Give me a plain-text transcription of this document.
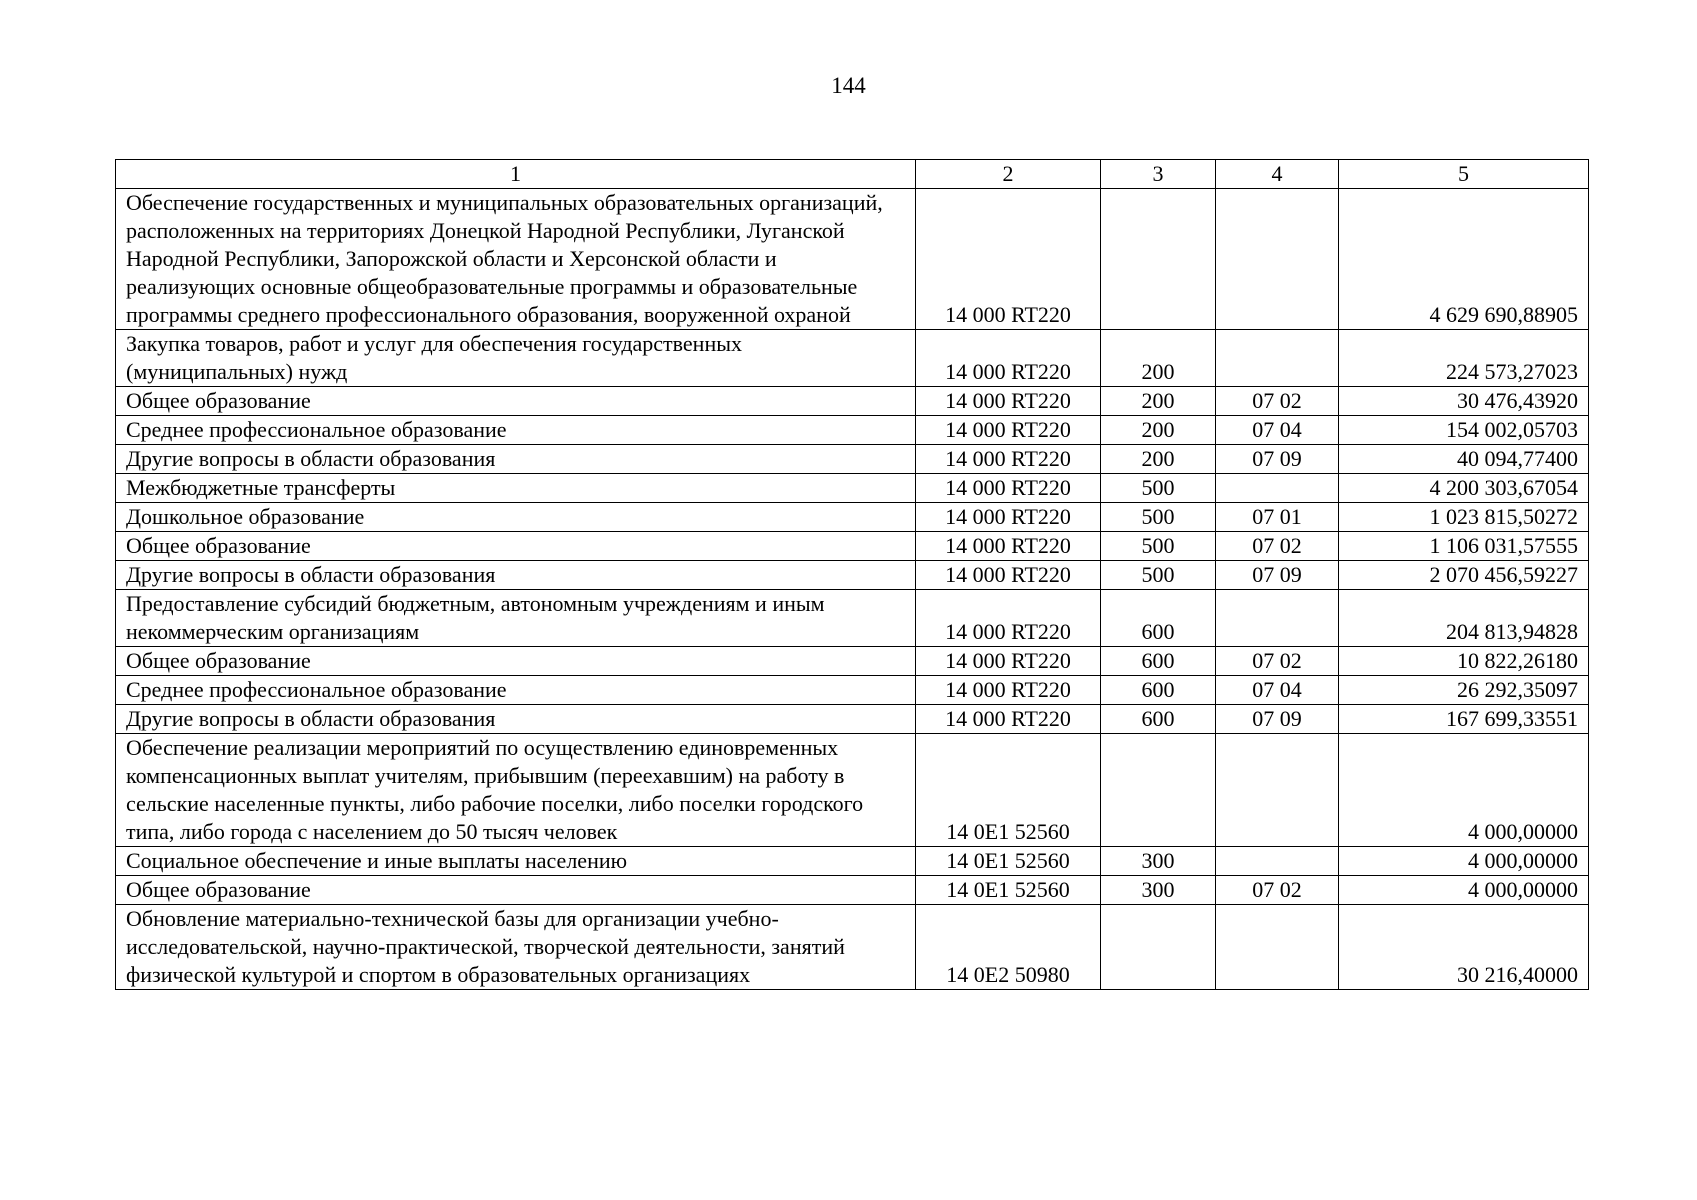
144
1	2	3	4	5
Обеспечение государственных и муниципальных образовательных организаций, расположенных на территориях Донецкой Народной Республики, Луганской Народной Республики, Запорожской области и Херсонской области и реализующих основные общеобразовательные программы и образовательные программы среднего профессионального образования, вооруженной охраной	14 000 RT220			4 629 690,88905
Закупка товаров, работ и услуг для обеспечения государственных (муниципальных) нужд	14 000 RT220	200		224 573,27023
Общее образование	14 000 RT220	200	07 02	30 476,43920
Среднее профессиональное образование	14 000 RT220	200	07 04	154 002,05703
Другие вопросы в области образования	14 000 RT220	200	07 09	40 094,77400
Межбюджетные трансферты	14 000 RT220	500		4 200 303,67054
Дошкольное образование	14 000 RT220	500	07 01	1 023 815,50272
Общее образование	14 000 RT220	500	07 02	1 106 031,57555
Другие вопросы в области образования	14 000 RT220	500	07 09	2 070 456,59227
Предоставление субсидий бюджетным, автономным учреждениям и иным некоммерческим организациям	14 000 RT220	600		204 813,94828
Общее образование	14 000 RT220	600	07 02	10 822,26180
Среднее профессиональное образование	14 000 RT220	600	07 04	26 292,35097
Другие вопросы в области образования	14 000 RT220	600	07 09	167 699,33551
Обеспечение реализации мероприятий по осуществлению единовременных компенсационных выплат учителям, прибывшим (переехавшим) на работу в сельские населенные пункты, либо рабочие поселки, либо поселки городского типа, либо города с населением до 50 тысяч человек	14 0E1 52560			4 000,00000
Социальное обеспечение и иные выплаты населению	14 0E1 52560	300		4 000,00000
Общее образование	14 0E1 52560	300	07 02	4 000,00000
Обновление материально-технической базы для организации учебно-исследовательской, научно-практической, творческой деятельности, занятий физической культурой и спортом в образовательных организациях	14 0E2 50980			30 216,40000
